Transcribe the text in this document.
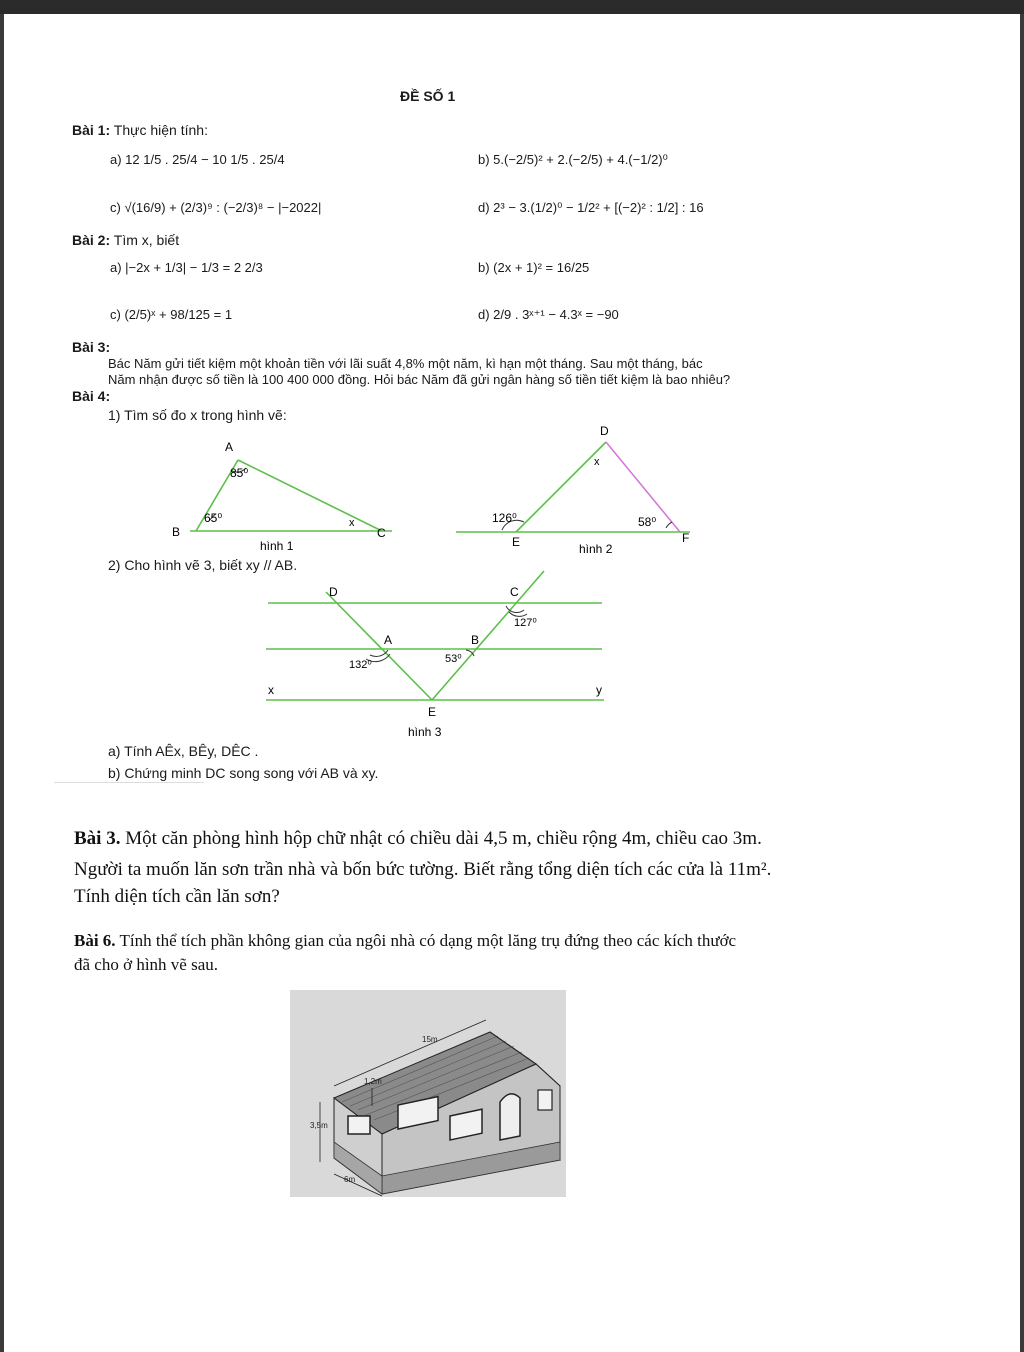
ĐỀ SỐ 1
Bài 1: Thực hiện tính:
a) 12 1/5 . 25/4 − 10 1/5 . 25/4	b) 5.(−2/5)² + 2.(−2/5) + 4.(−1/2)⁰
c) √(16/9) + (2/3)⁹ : (−2/3)⁸ − |−2022|	d) 2³ − 3.(1/2)⁰ − 1/2² + [(−2)² : 1/2] : 16
Bài 2: Tìm x, biết
a) |−2x + 1/3| − 1/3 = 2 2/3	b) (2x + 1)² = 16/25
c) (2/5)ˣ + 98/125 = 1	d) 2/9 . 3ˣ⁺¹ − 4.3ˣ = −90
Bài 3:
Bác Năm gửi tiết kiệm một khoản tiền với lãi suất 4,8% một năm, kì hạn một tháng. Sau một tháng, bác
Năm nhận được số tiền là 100 400 000 đồng. Hỏi bác Năm đã gửi ngân hàng số tiền tiết kiệm là bao nhiêu?
Bài 4:
1) Tìm số đo x trong hình vẽ:
A
B	C
85⁰
65⁰	x
hình 1
D
E	F
126⁰	58⁰
x
hình 2
2) Cho hình vẽ 3, biết xy // AB.
D	C
A	B
E
x	y
127⁰
132⁰	53⁰
hình 3
a) Tính AÊx, BÊy, DÊC .
b) Chứng minh DC song song với AB và xy.
Bài 3. Một căn phòng hình hộp chữ nhật có chiều dài 4,5 m, chiều rộng 4m, chiều cao 3m.
Người ta muốn lăn sơn trần nhà và bốn bức tường. Biết rằng tổng diện tích các cửa là 11m².
Tính diện tích cần lăn sơn?
Bài 6. Tính thể tích phần không gian của ngôi nhà có dạng một lăng trụ đứng theo các kích thước
đã cho ở hình vẽ sau.
15m
1,2m
3,5m
6m
